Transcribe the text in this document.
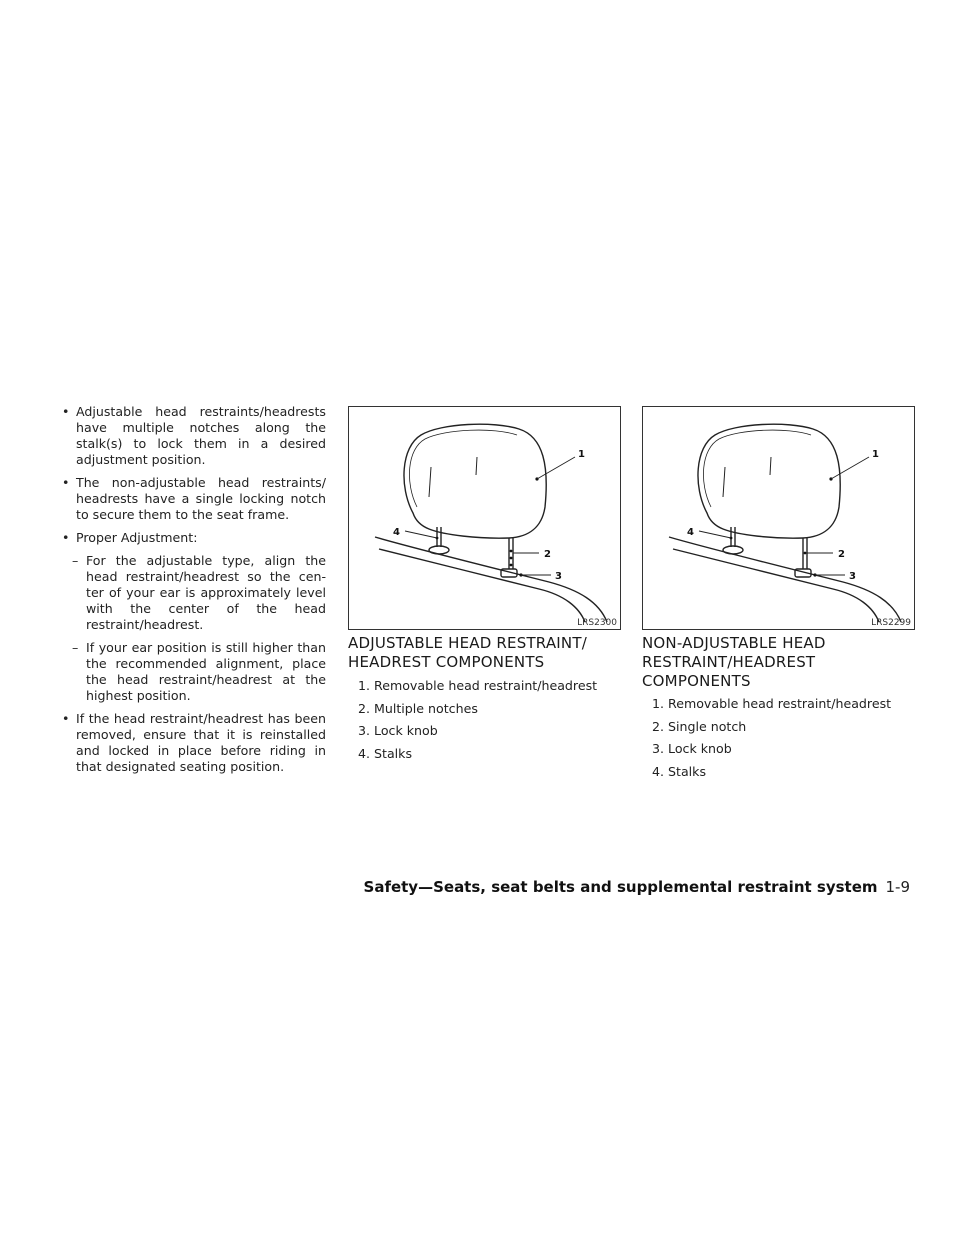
• Adjustable head restraints/headrests have multiple notches along the stalk(s) to lock them in a desired adjustment position.
• The non-adjustable head restraints/ headrests have a single locking notch to secure them to the seat frame.
• Proper Adjustment:
– For the adjustable type, align the head restraint/headrest so the cen- ter of your ear is approximately level with the center of the head restraint/headrest.
– If your ear position is still higher than the recommended alignment, place the head restraint/headrest at the highest position.
• If the head restraint/headrest has been removed, ensure that it is reinstalled and locked in place before riding in that designated seating position.
1
2
3
4
LRS2300
ADJUSTABLE HEAD RESTRAINT/ HEADREST COMPONENTS
1. Removable head restraint/headrest
2. Multiple notches
3. Lock knob
4. Stalks
1
2
3
4
LRS2299
NON-ADJUSTABLE HEAD RESTRAINT/HEADREST COMPONENTS
1. Removable head restraint/headrest
2. Single notch
3. Lock knob
4. Stalks
Safety—Seats, seat belts and supplemental restraint system 1-9
